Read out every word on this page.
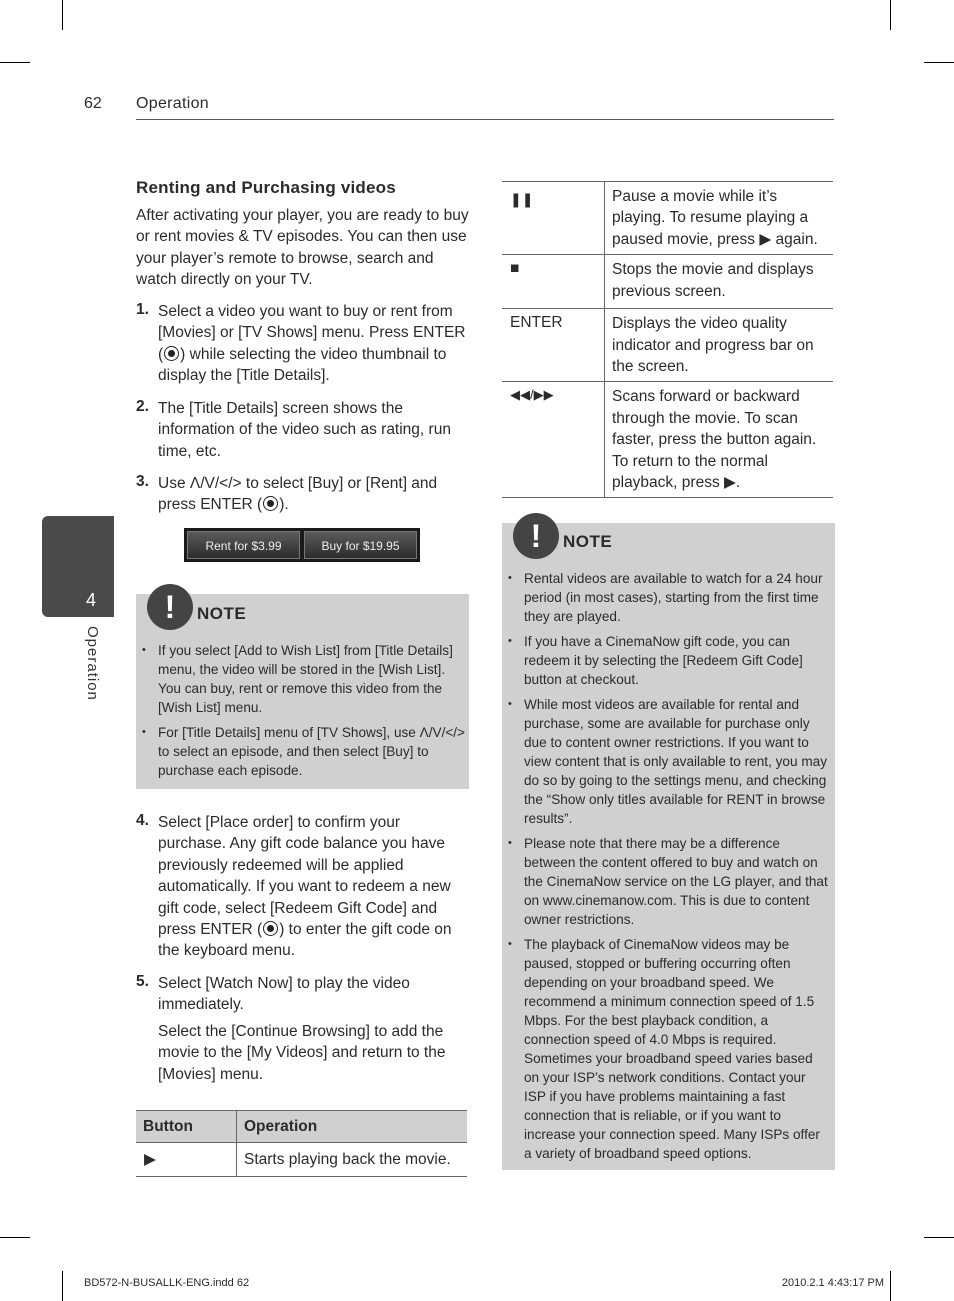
62 Operation
4
Operation
Renting and Purchasing videos
After activating your player, you are ready to buy or rent movies & TV episodes. You can then use your player’s remote to browse, search and watch directly on your TV.
1. Select a video you want to buy or rent from [Movies] or [TV Shows] menu. Press ENTER ( ) while selecting the video thumbnail to display the [Title Details].
2. The [Title Details] screen shows the information of the video such as rating, run time, etc.
3. Use Λ/V/</> to select [Buy] or [Rent] and press ENTER ( ).
Rent for $3.99	Buy for $19.95
!	NOTE
• If you select [Add to Wish List] from [Title Details] menu, the video will be stored in the [Wish List]. You can buy, rent or remove this video from the [Wish List] menu.
• For [Title Details] menu of [TV Shows], use Λ/V/</> to select an episode, and then select [Buy] to purchase each episode.
4. Select [Place order] to confirm your purchase. Any gift code balance you have previously redeemed will be applied automatically. If you want to redeem a new gift code, select [Redeem Gift Code] and press ENTER ( ) to enter the gift code on the keyboard menu.
5. Select [Watch Now] to play the video immediately.
Select the [Continue Browsing] to add the movie to the [My Videos] and return to the [Movies] menu.
Button	Operation
▶	Starts playing back the movie.
❚❚	Pause a movie while it’s playing. To resume playing a paused movie, press ▶ again.
■	Stops the movie and displays previous screen.
ENTER	Displays the video quality indicator and progress bar on the screen.
◀◀/▶▶	Scans forward or backward through the movie. To scan faster, press the button again. To return to the normal playback, press ▶.
!	NOTE
• Rental videos are available to watch for a 24 hour period (in most cases), starting from the first time they are played.
• If you have a CinemaNow gift code, you can redeem it by selecting the [Redeem Gift Code] button at checkout.
• While most videos are available for rental and purchase, some are available for purchase only due to content owner restrictions. If you want to view content that is only available to rent, you may do so by going to the settings menu, and checking the “Show only titles available for RENT in browse results”.
• Please note that there may be a difference between the content offered to buy and watch on the CinemaNow service on the LG player, and that on www.cinemanow.com. This is due to content owner restrictions.
• The playback of CinemaNow videos may be paused, stopped or buffering occurring often depending on your broadband speed. We recommend a minimum connection speed of 1.5 Mbps. For the best playback condition, a connection speed of 4.0 Mbps is required. Sometimes your broadband speed varies based on your ISP’s network conditions. Contact your ISP if you have problems maintaining a fast connection that is reliable, or if you want to increase your connection speed. Many ISPs offer a variety of broadband speed options.
BD572-N-BUSALLK-ENG.indd 62	2010.2.1 4:43:17 PM
